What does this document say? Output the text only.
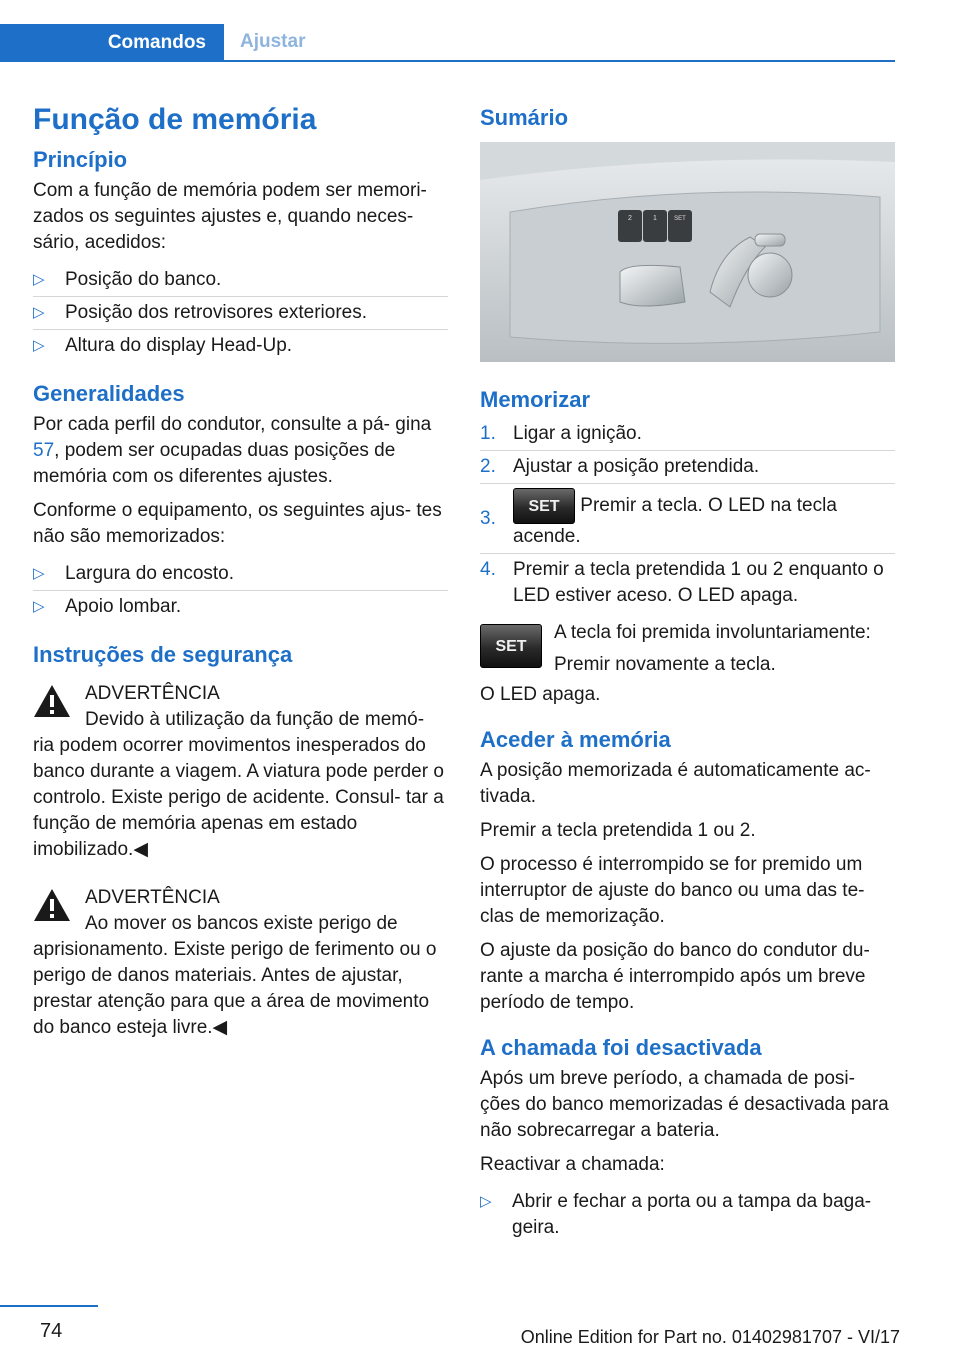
Comandos Ajustar
Função de memória
Princípio

Com a função de memória podem ser memori‐ zados os seguintes ajustes e, quando neces‐ sário, acedidos:

▷ Posição do banco.
▷ Posição dos retrovisores exteriores.
▷ Altura do display Head-Up.
Generalidades

Por cada perfil do condutor, consulte a pá‐ gina 57, podem ser ocupadas duas posições de memória com os diferentes ajustes.

Conforme o equipamento, os seguintes ajus‐ tes não são memorizados:

▷ Largura do encosto.
▷ Apoio lombar.
Instruções de segurança
ADVERTÊNCIA
Devido à utilização da função de memó‐
ria podem ocorrer movimentos inesperados do banco durante a viagem. A viatura pode perder o controlo. Existe perigo de acidente. Consul‐ tar a função de memória apenas em estado imobilizado.◀
ADVERTÊNCIA
Ao mover os bancos existe perigo de
aprisionamento. Existe perigo de ferimento ou o perigo de danos materiais. Antes de ajustar, prestar atenção para que a área de movimento do banco esteja livre.◀
Sumário
2	1	SET
Memorizar
1. Ligar a ignição.
2. Ajustar a posição pretendida.
3.
SET Premir a tecla. O LED na tecla acende.
4. Premir a tecla pretendida 1 ou 2 enquanto o LED estiver aceso. O LED apaga.
SET
A tecla foi premida involuntariamente:
Premir novamente a tecla.

O LED apaga.

Aceder à memória

A posição memorizada é automaticamente ac‐ tivada.

Premir a tecla pretendida 1 ou 2.

O processo é interrompido se for premido um interruptor de ajuste do banco ou uma das te‐ clas de memorização.

O ajuste da posição do banco do condutor du‐ rante a marcha é interrompido após um breve período de tempo.

A chamada foi desactivada

Após um breve período, a chamada de posi‐ ções do banco memorizadas é desactivada para não sobrecarregar a bateria.

Reactivar a chamada:

▷ Abrir e fechar a porta ou a tampa da baga‐ geira.
74	Online Edition for Part no. 01402981707 - VI/17
